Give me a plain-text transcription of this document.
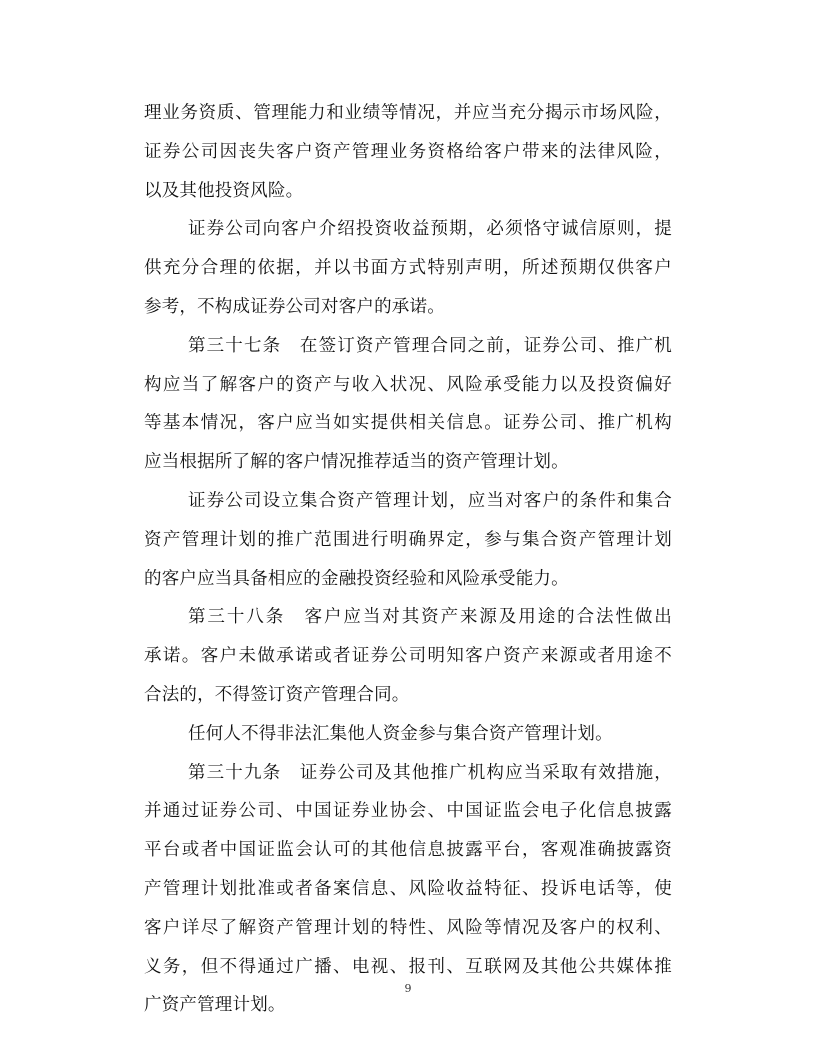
理业务资质、管理能力和业绩等情况，并应当充分揭示市场风险，
证券公司因丧失客户资产管理业务资格给客户带来的法律风险，
以及其他投资风险。
证券公司向客户介绍投资收益预期，必须恪守诚信原则，提
供充分合理的依据，并以书面方式特别声明，所述预期仅供客户
参考，不构成证券公司对客户的承诺。
第三十七条　在签订资产管理合同之前，证券公司、推广机
构应当了解客户的资产与收入状况、风险承受能力以及投资偏好
等基本情况，客户应当如实提供相关信息。证券公司、推广机构
应当根据所了解的客户情况推荐适当的资产管理计划。
证券公司设立集合资产管理计划，应当对客户的条件和集合
资产管理计划的推广范围进行明确界定，参与集合资产管理计划
的客户应当具备相应的金融投资经验和风险承受能力。
第三十八条　客户应当对其资产来源及用途的合法性做出
承诺。客户未做承诺或者证券公司明知客户资产来源或者用途不
合法的，不得签订资产管理合同。
任何人不得非法汇集他人资金参与集合资产管理计划。
第三十九条　证券公司及其他推广机构应当采取有效措施，
并通过证券公司、中国证券业协会、中国证监会电子化信息披露
平台或者中国证监会认可的其他信息披露平台，客观准确披露资
产管理计划批准或者备案信息、风险收益特征、投诉电话等，使
客户详尽了解资产管理计划的特性、风险等情况及客户的权利、
义务，但不得通过广播、电视、报刊、互联网及其他公共媒体推
广资产管理计划。
9
